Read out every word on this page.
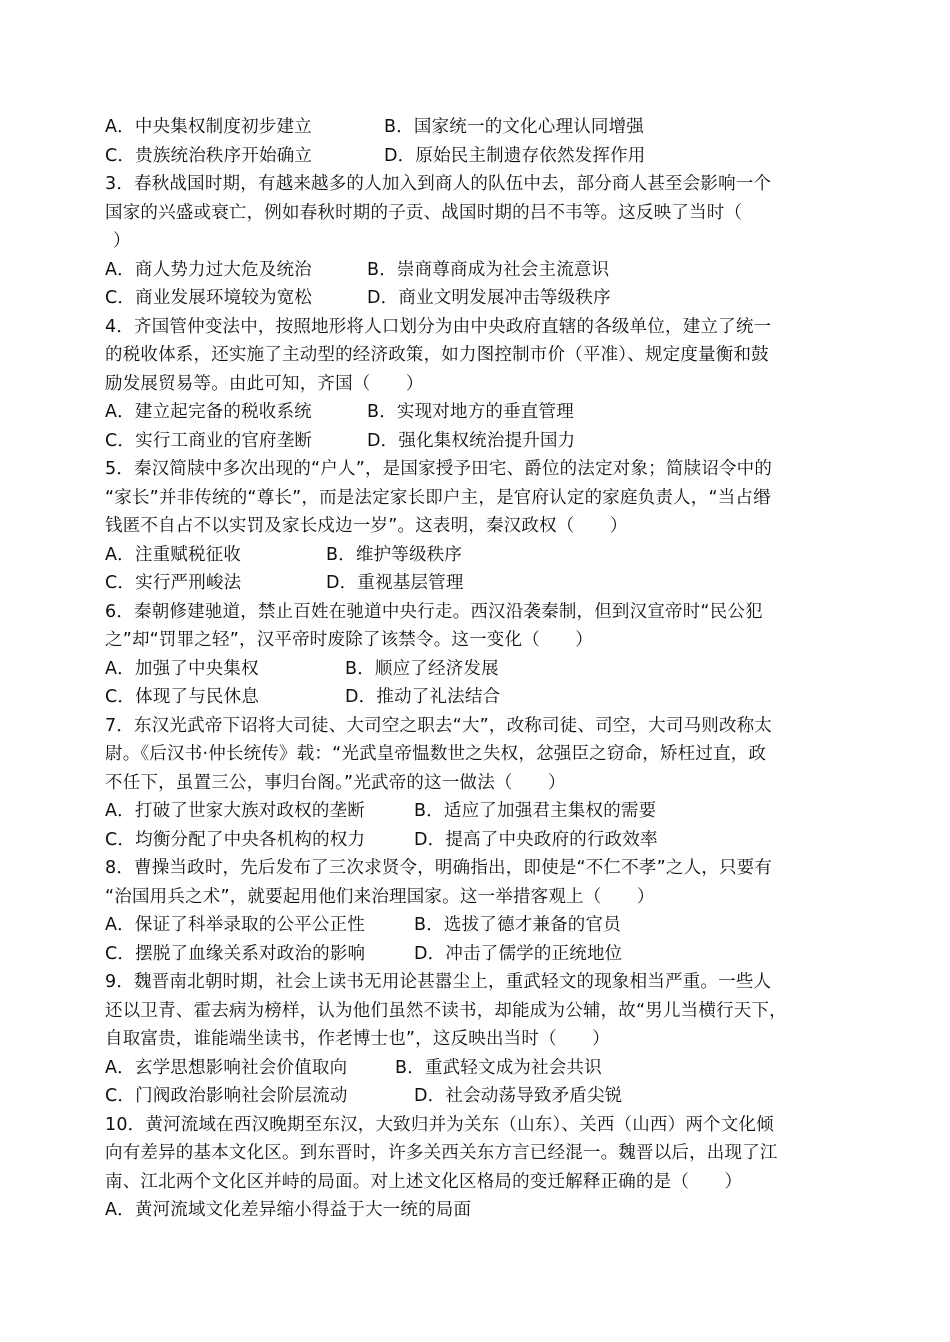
A．中央集权制度初步建立	B．国家统一的文化心理认同增强
C．贵族统治秩序开始确立	D．原始民主制遗存依然发挥作用
3．春秋战国时期，有越来越多的人加入到商人的队伍中去，部分商人甚至会影响一个
国家的兴盛或衰亡，例如春秋时期的子贡、战国时期的吕不韦等。这反映了当时（
）
A．商人势力过大危及统治	B．崇商尊商成为社会主流意识
C．商业发展环境较为宽松	D．商业文明发展冲击等级秩序
4．齐国管仲变法中，按照地形将人口划分为由中央政府直辖的各级单位，建立了统一
的税收体系，还实施了主动型的经济政策，如力图控制市价（平准）、规定度量衡和鼓
励发展贸易等。由此可知，齐国（　　）
A．建立起完备的税收系统	B．实现对地方的垂直管理
C．实行工商业的官府垄断	D．强化集权统治提升国力
5．秦汉简牍中多次出现的“户人”，是国家授予田宅、爵位的法定对象；简牍诏令中的
“家长”并非传统的“尊长”，而是法定家长即户主，是官府认定的家庭负责人，“当占缗
钱匿不自占不以实罚及家长戍边一岁”。这表明，秦汉政权（　　）
A．注重赋税征收	B．维护等级秩序
C．实行严刑峻法	D．重视基层管理
6．秦朝修建驰道，禁止百姓在驰道中央行走。西汉沿袭秦制，但到汉宣帝时“民公犯
之”却“罚罪之轻”，汉平帝时废除了该禁令。这一变化（　　）
A．加强了中央集权	B．顺应了经济发展
C．体现了与民休息	D．推动了礼法结合
7．东汉光武帝下诏将大司徒、大司空之职去“大”，改称司徒、司空，大司马则改称太
尉。《后汉书·仲长统传》载：“光武皇帝愠数世之失权，忿强臣之窃命，矫枉过直，政
不任下，虽置三公，事归台阁。”光武帝的这一做法（　　）
A．打破了世家大族对政权的垄断	B．适应了加强君主集权的需要
C．均衡分配了中央各机构的权力	D．提高了中央政府的行政效率
8．曹操当政时，先后发布了三次求贤令，明确指出，即使是“不仁不孝”之人，只要有
“治国用兵之术”，就要起用他们来治理国家。这一举措客观上（　　）
A．保证了科举录取的公平公正性	B．选拔了德才兼备的官员
C．摆脱了血缘关系对政治的影响	D．冲击了儒学的正统地位
9．魏晋南北朝时期，社会上读书无用论甚嚣尘上，重武轻文的现象相当严重。一些人
还以卫青、霍去病为榜样，认为他们虽然不读书，却能成为公辅，故“男儿当横行天下，
自取富贵，谁能端坐读书，作老博士也”，这反映出当时（　　）
A．玄学思想影响社会价值取向	B．重武轻文成为社会共识
C．门阀政治影响社会阶层流动	D．社会动荡导致矛盾尖锐
10．黄河流域在西汉晚期至东汉，大致归并为关东（山东）、关西（山西）两个文化倾
向有差异的基本文化区。到东晋时，许多关西关东方言已经混一。魏晋以后，出现了江
南、江北两个文化区并峙的局面。对上述文化区格局的变迁解释正确的是（　　）
A．黄河流域文化差异缩小得益于大一统的局面
